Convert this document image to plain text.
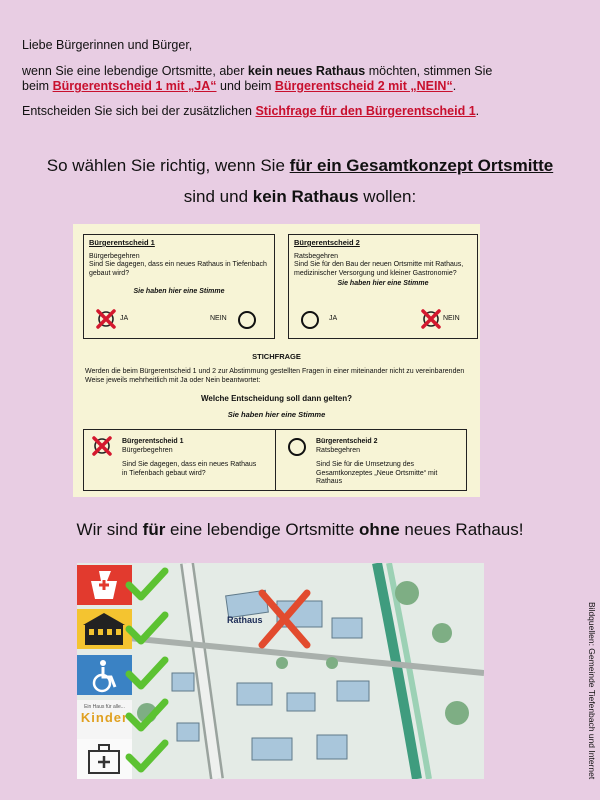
Liebe Bürgerinnen und Bürger,

wenn Sie eine lebendige Ortsmitte, aber kein neues Rathaus möchten, stimmen Sie
beim Bürgerentscheid 1 mit „JA“ und beim Bürgerentscheid 2 mit „NEIN“.

Entscheiden Sie sich bei der zusätzlichen Stichfrage für den Bürgerentscheid 1.

So wählen Sie richtig, wenn Sie für ein Gesamtkonzept Ortsmitte

sind und kein Rathaus wollen:

Bürgerentscheid 1
Bürgerbegehren
Sind Sie dagegen, dass ein neues Rathaus in Tiefenbach gebaut wird?
Sie haben hier eine Stimme
JA	NEIN
Bürgerentscheid 2
Ratsbegehren
Sind Sie für den Bau der neuen Ortsmitte mit Rathaus, medizinischer Versorgung und kleiner Gastronomie?
Sie haben hier eine Stimme
JA	NEIN
STICHFRAGE
Werden die beim Bürgerentscheid 1 und 2 zur Abstimmung gestellten Fragen in einer miteinander nicht zu vereinbarenden Weise jeweils mehrheitlich mit Ja oder Nein beantwortet:
Welche Entscheidung soll dann gelten?
Sie haben hier eine Stimme
Bürgerentscheid 1
Bürgerbegehren
Sind Sie dagegen, dass ein neues Rathaus in Tiefenbach gebaut wird?
Bürgerentscheid 2
Ratsbegehren
Sind Sie für die Umsetzung des Gesamtkonzeptes „Neue Ortsmitte“ mit Rathaus

Wir sind für eine lebendige Ortsmitte ohne neues Rathaus!

Rathaus
Ein Haus für alle...
Kinder	Bildquellen: Gemeinde Tiefenbach und Internet
